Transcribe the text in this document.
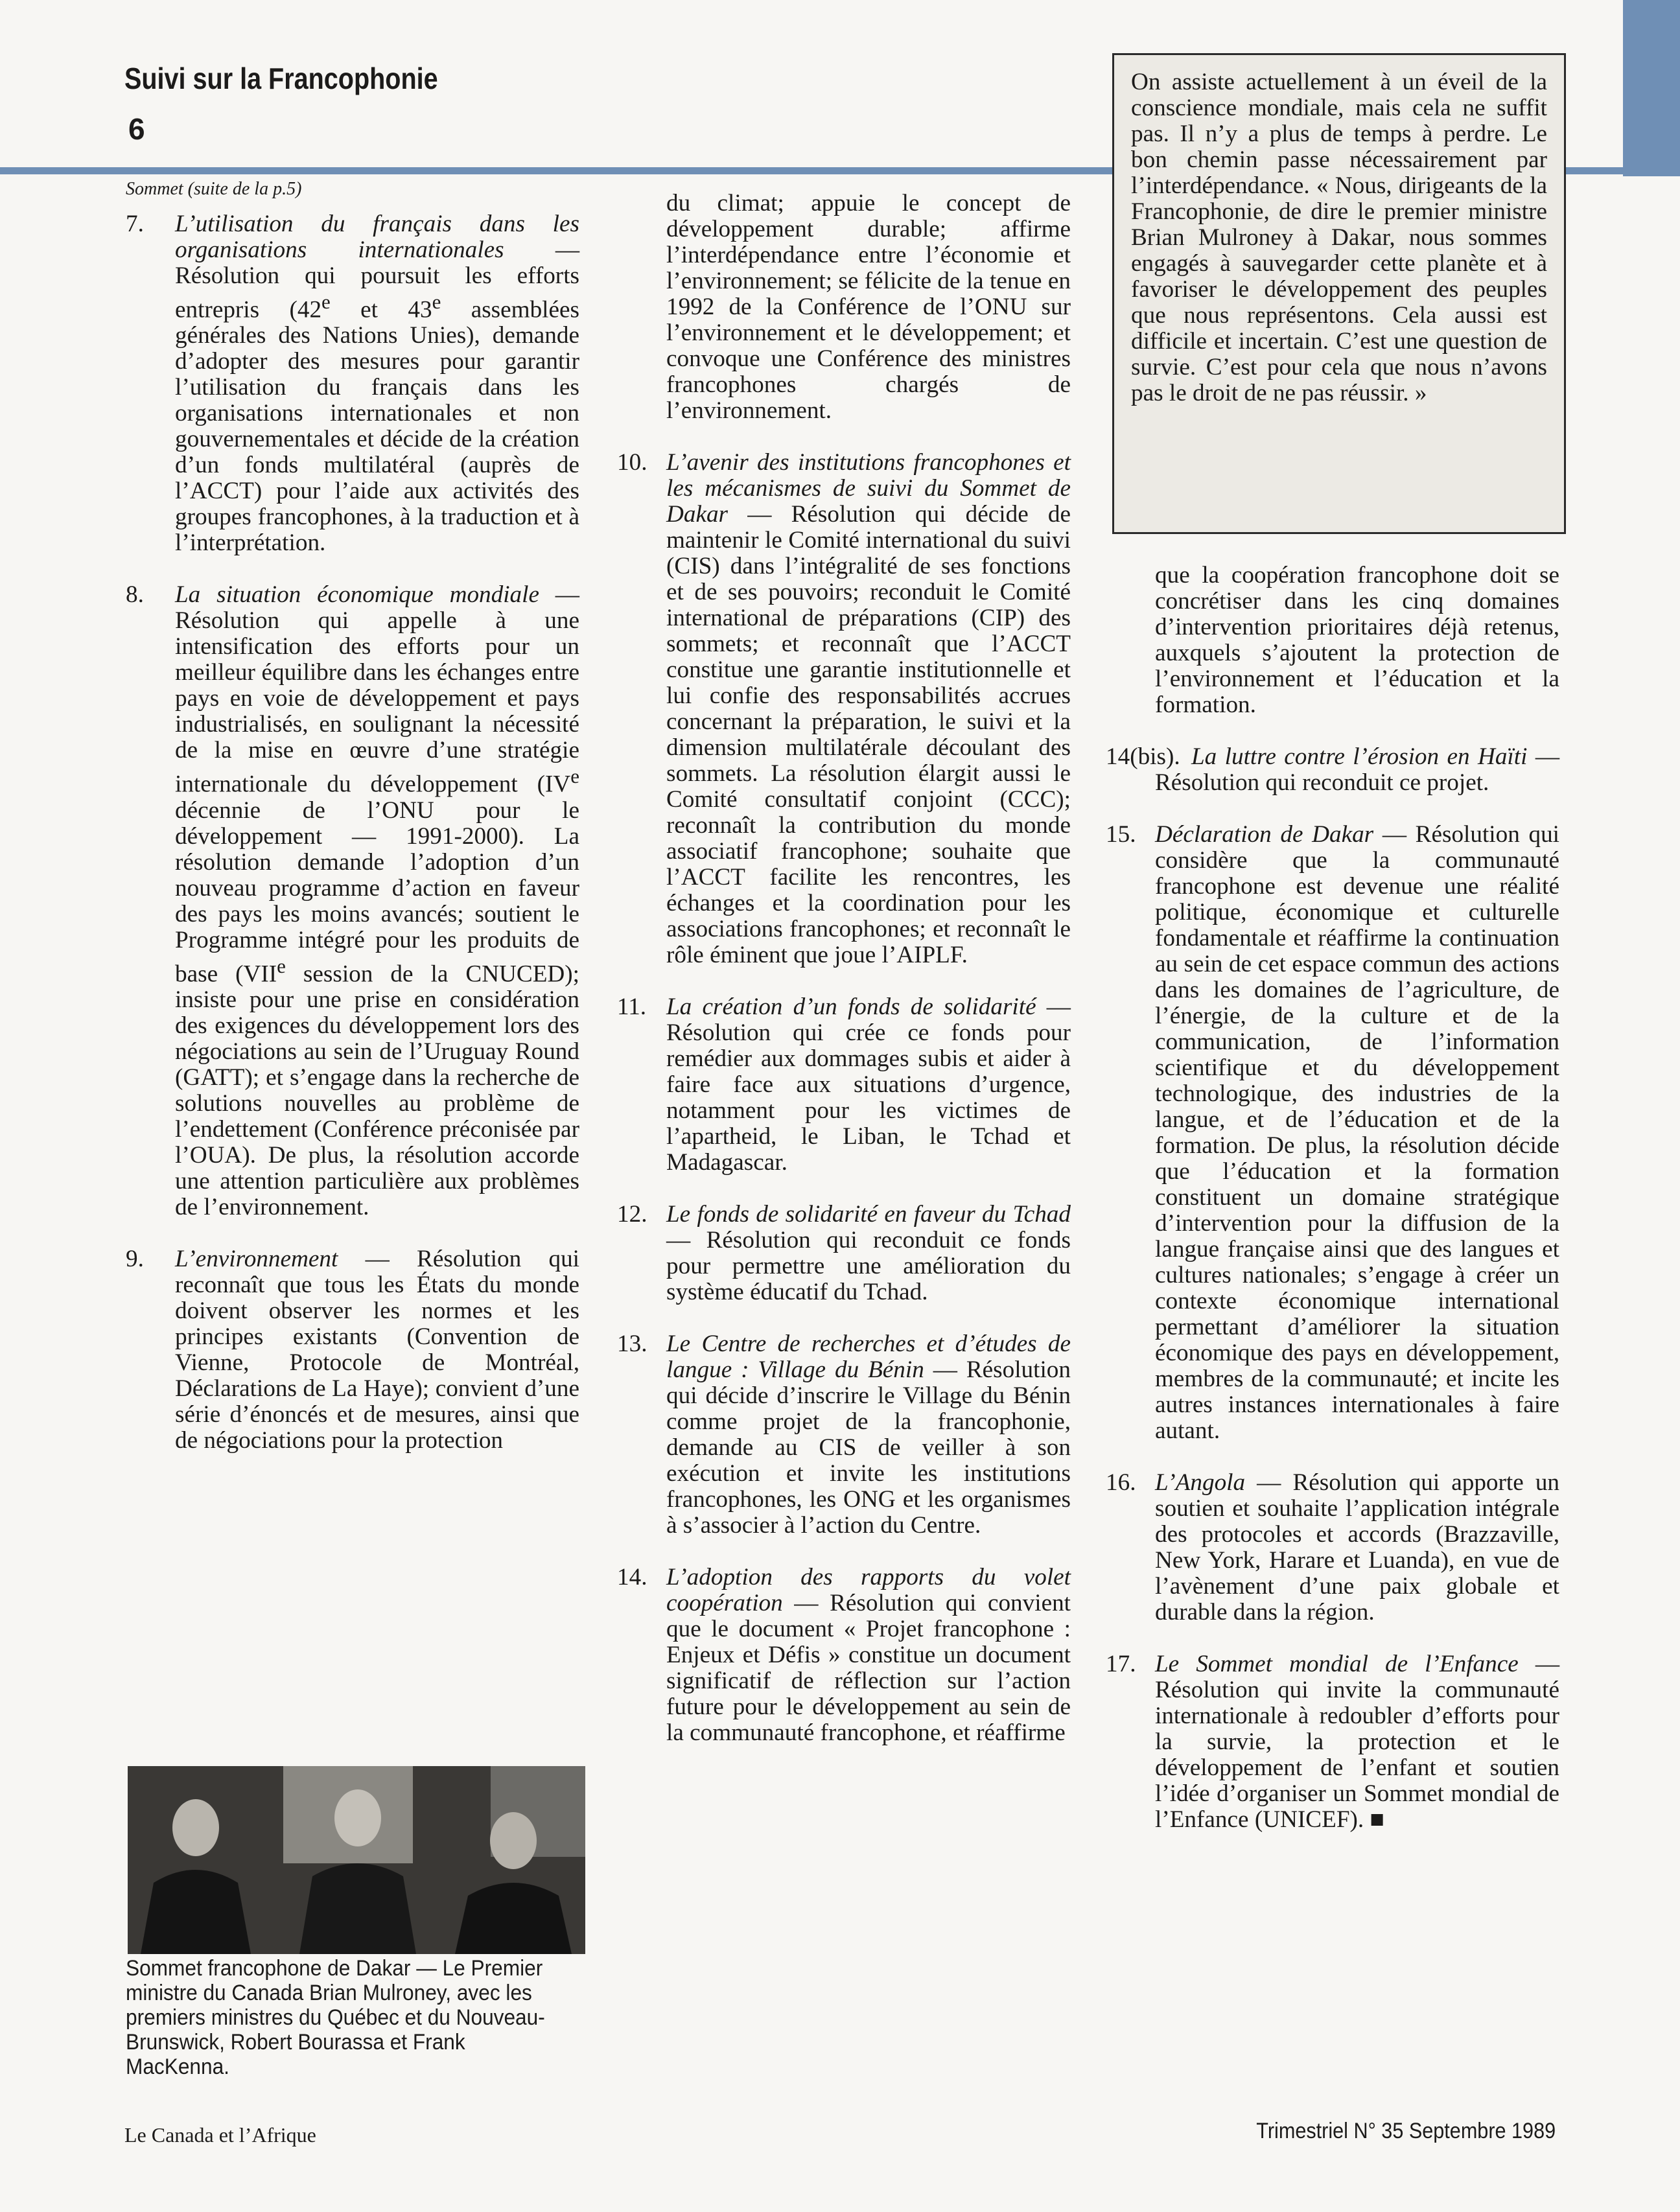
Suivi sur la Francophonie
6
On assiste actuellement à un éveil de la conscience mondiale, mais cela ne suffit pas. Il n’y a plus de temps à perdre. Le bon chemin passe nécessairement par l’interdépendance. « Nous, dirigeants de la Francophonie, de dire le premier ministre Brian Mulroney à Dakar, nous sommes engagés à sauvegarder cette planète et à favoriser le développement des peuples que nous représentons. Cela aussi est difficile et incertain. C’est une question de survie. C’est pour cela que nous n’avons pas le droit de ne pas réussir. »
Sommet (suite de la p.5)
7. L’utilisation du français dans les organisations internationales — Résolution qui poursuit les efforts entrepris (42e et 43e assemblées générales des Nations Unies), demande d’adopter des mesures pour garantir l’utilisation du français dans les organisations internationales et non gouvernementales et décide de la création d’un fonds multilatéral (auprès de l’ACCT) pour l’aide aux activités des groupes francophones, à la traduction et à l’interprétation.
8. La situation économique mondiale — Résolution qui appelle à une intensification des efforts pour un meilleur équilibre dans les échanges entre pays en voie de développement et pays industrialisés, en soulignant la nécessité de la mise en œuvre d’une stratégie internationale du développement (IVe décennie de l’ONU pour le développement — 1991-2000). La résolution demande l’adoption d’un nouveau programme d’action en faveur des pays les moins avancés; soutient le Programme intégré pour les produits de base (VIIe session de la CNUCED); insiste pour une prise en considération des exigences du développement lors des négociations au sein de l’Uruguay Round (GATT); et s’engage dans la recherche de solutions nouvelles au problème de l’endettement (Conférence préconisée par l’OUA). De plus, la résolution accorde une attention particulière aux problèmes de l’environnement.
9. L’environnement — Résolution qui reconnaît que tous les États du monde doivent observer les normes et les principes existants (Convention de Vienne, Protocole de Montréal, Déclarations de La Haye); convient d’une série d’énoncés et de mesures, ainsi que de négociations pour la protection
Sommet francophone de Dakar — Le Premier ministre du Canada Brian Mulroney, avec les premiers ministres du Québec et du Nouveau-Brunswick, Robert Bourassa et Frank MacKenna.
du climat; appuie le concept de développement durable; affirme l’interdépendance entre l’économie et l’environnement; se félicite de la tenue en 1992 de la Conférence de l’ONU sur l’environnement et le développement; et convoque une Conférence des ministres francophones chargés de l’environnement.
10. L’avenir des institutions francophones et les mécanismes de suivi du Sommet de Dakar — Résolution qui décide de maintenir le Comité international du suivi (CIS) dans l’intégralité de ses fonctions et de ses pouvoirs; reconduit le Comité international de préparations (CIP) des sommets; et reconnaît que l’ACCT constitue une garantie institutionnelle et lui confie des responsabilités accrues concernant la préparation, le suivi et la dimension multilatérale découlant des sommets. La résolution élargit aussi le Comité consultatif conjoint (CCC); reconnaît la contribution du monde associatif francophone; souhaite que l’ACCT facilite les rencontres, les échanges et la coordination pour les associations francophones; et reconnaît le rôle éminent que joue l’AIPLF.
11. La création d’un fonds de solidarité — Résolution qui crée ce fonds pour remédier aux dommages subis et aider à faire face aux situations d’urgence, notamment pour les victimes de l’apartheid, le Liban, le Tchad et Madagascar.
12. Le fonds de solidarité en faveur du Tchad — Résolution qui reconduit ce fonds pour permettre une amélioration du système éducatif du Tchad.
13. Le Centre de recherches et d’études de langue : Village du Bénin — Résolution qui décide d’inscrire le Village du Bénin comme projet de la francophonie, demande au CIS de veiller à son exécution et invite les institutions francophones, les ONG et les organismes à s’associer à l’action du Centre.
14. L’adoption des rapports du volet coopération — Résolution qui convient que le document « Projet francophone : Enjeux et Défis » constitue un document significatif de réflection sur l’action future pour le développement au sein de la communauté francophone, et réaffirme
que la coopération francophone doit se concrétiser dans les cinq domaines d’intervention prioritaires déjà retenus, auxquels s’ajoutent la protection de l’environnement et l’éducation et la formation.
14(bis). La luttre contre l’érosion en Haïti — Résolution qui reconduit ce projet.
15. Déclaration de Dakar — Résolution qui considère que la communauté francophone est devenue une réalité politique, économique et culturelle fondamentale et réaffirme la continuation au sein de cet espace commun des actions dans les domaines de l’agriculture, de l’énergie, de la culture et de la communication, de l’information scientifique et du développement technologique, des industries de la langue, et de l’éducation et de la formation. De plus, la résolution décide que l’éducation et la formation constituent un domaine stratégique d’intervention pour la diffusion de la langue française ainsi que des langues et cultures nationales; s’engage à créer un contexte économique international permettant d’améliorer la situation économique des pays en développement, membres de la communauté; et incite les autres instances internationales à faire autant.
16. L’Angola — Résolution qui apporte un soutien et souhaite l’application intégrale des protocoles et accords (Brazzaville, New York, Harare et Luanda), en vue de l’avènement d’une paix globale et durable dans la région.
17. Le Sommet mondial de l’Enfance — Résolution qui invite la communauté internationale à redoubler d’efforts pour la survie, la protection et le développement de l’enfant et soutien l’idée d’organiser un Sommet mondial de l’Enfance (UNICEF). ■
Le Canada et l’Afrique	Trimestriel N° 35 Septembre 1989
